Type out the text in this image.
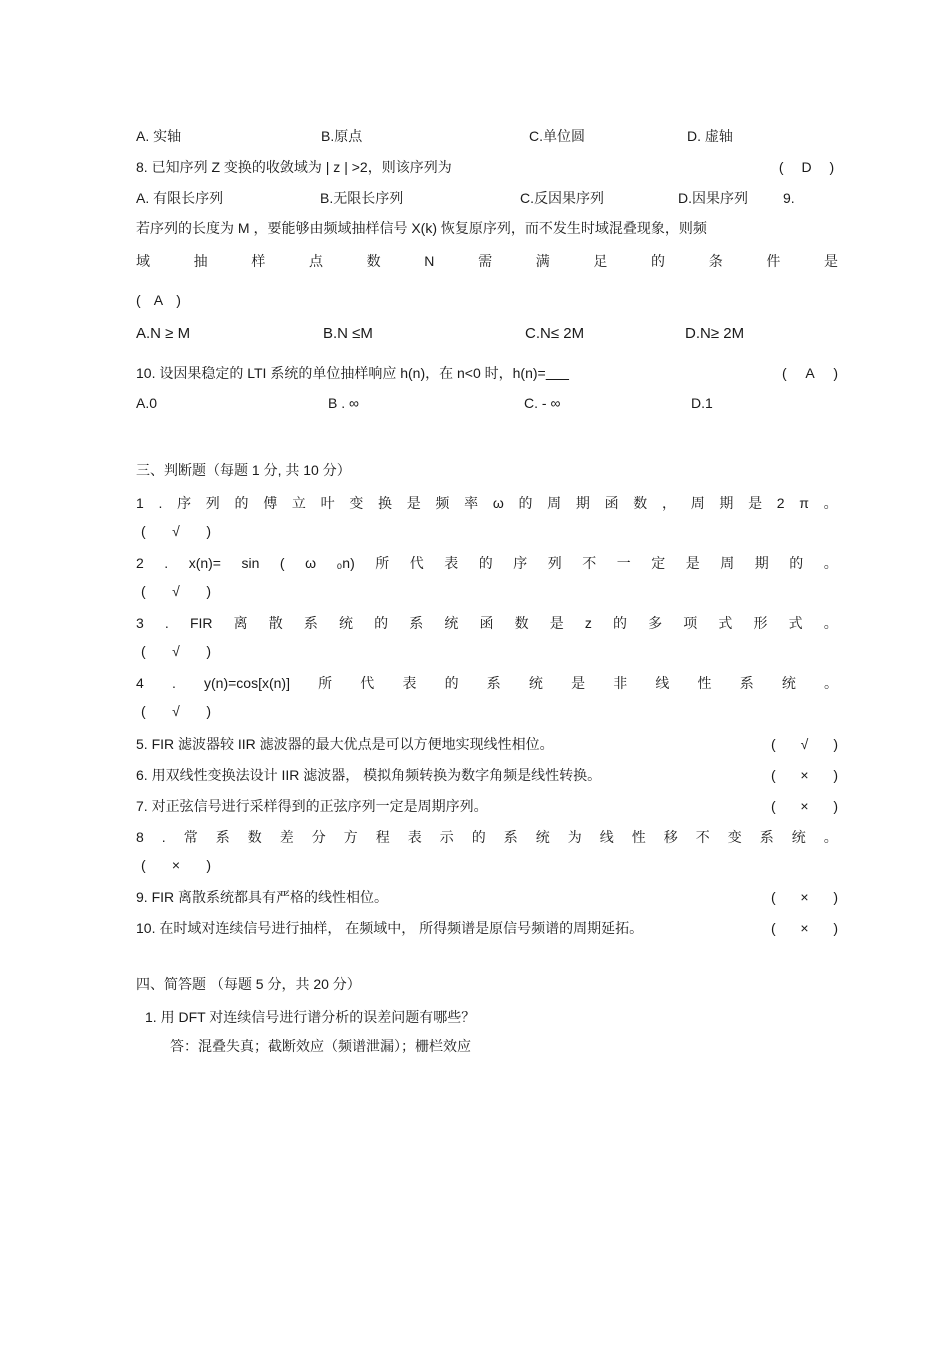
A. 实轴	B.原点	C.单位圆	D. 虚轴
8. 已知序列 Z 变换的收敛域为 | z | >2，则该序列为	( D )
A. 有限长序列	B.无限长序列	C.反因果序列	D.因果序列	9.
若序列的长度为 M ，要能够由频域抽样信号 X(k) 恢复原序列，而不发生时域混叠现象，则频
域	抽	样	点	数	N	需	满	足	的	条	件	是
( A )
A.N ≥ M	B.N ≤M	C.N≤ 2M	D.N≥ 2M
10. 设因果稳定的 LTI 系统的单位抽样响应 h(n)，在 n<0 时，h(n)=	( A )
A.0	B . ∞	C. - ∞	D.1
三、判断题（每题 1 分, 共 10 分）
1 . 序 列 的 傅 立 叶 变 换 是 频 率 ω 的 周 期 函 数 ， 周 期 是 2 π 。
( √ )
2 . x(n)= sin ( ω ₀n) 所 代 表 的 序 列 不 一 定 是 周 期 的 。
( √ )
3 . FIR 离 散 系 统 的 系 统 函 数 是 z 的 多 项 式 形 式 。
( √ )
4 . y(n)=cos[x(n)] 所 代 表 的 系 统 是 非 线 性 系 统 。
( √ )
5. FIR 滤波器较 IIR 滤波器的最大优点是可以方便地实现线性相位。	( √ )
6. 用双线性变换法设计 IIR 滤波器， 模拟角频转换为数字角频是线性转换。	( × )
7. 对正弦信号进行采样得到的正弦序列一定是周期序列。	( × )
8 . 常 系 数 差 分 方 程 表 示 的 系 统 为 线 性 移 不 变 系 统 。
( × )
9. FIR 离散系统都具有严格的线性相位。	( × )
10. 在时域对连续信号进行抽样， 在频域中， 所得频谱是原信号频谱的周期延拓。	( × )
四、简答题 （每题 5 分，共 20 分）
1. 用 DFT 对连续信号进行谱分析的误差问题有哪些？
答：混叠失真；截断效应（频谱泄漏）；栅栏效应
